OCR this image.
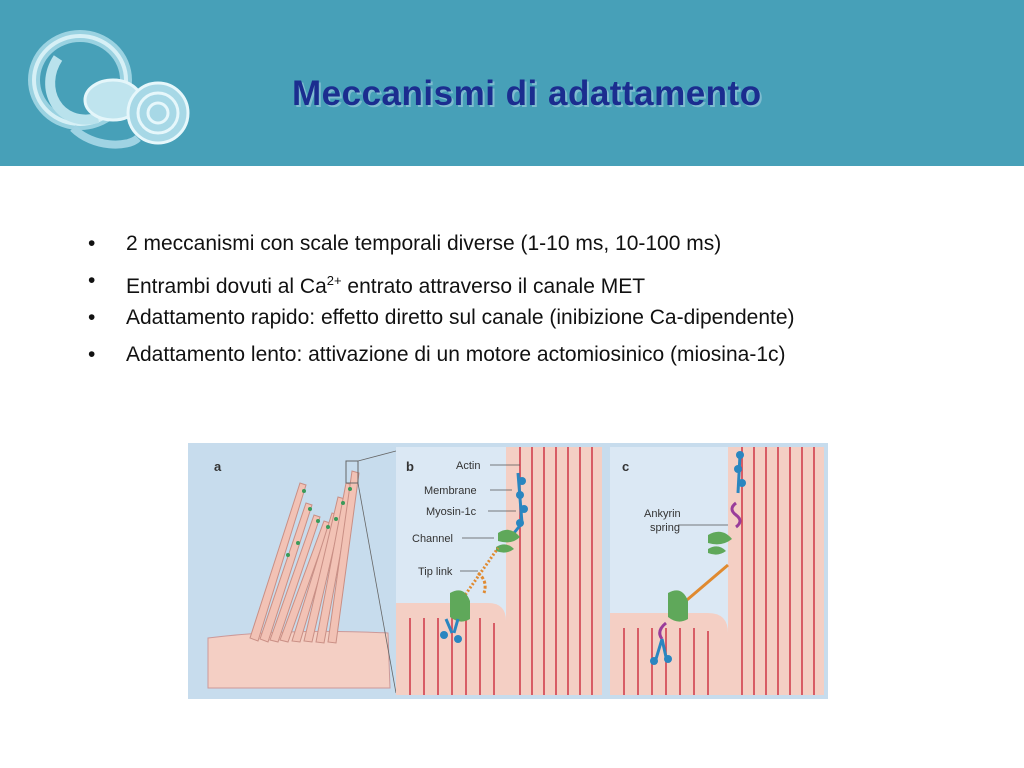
Meccanismi di adattamento
• 2 meccanismi con scale temporali diverse (1-10 ms, 10-100 ms)
• Entrambi dovuti al $Ca^{2+}$ entrato attraverso il canale MET
• Adattamento rapido: effetto diretto sul canale (inibizione Ca-dipendente)
• Adattamento lento: attivazione di un motore actomiosinico (miosina-1c)
Actin
Membrane
Myosin-1c
Channel
Tip link
Ankyrin
spring
a	b	c
